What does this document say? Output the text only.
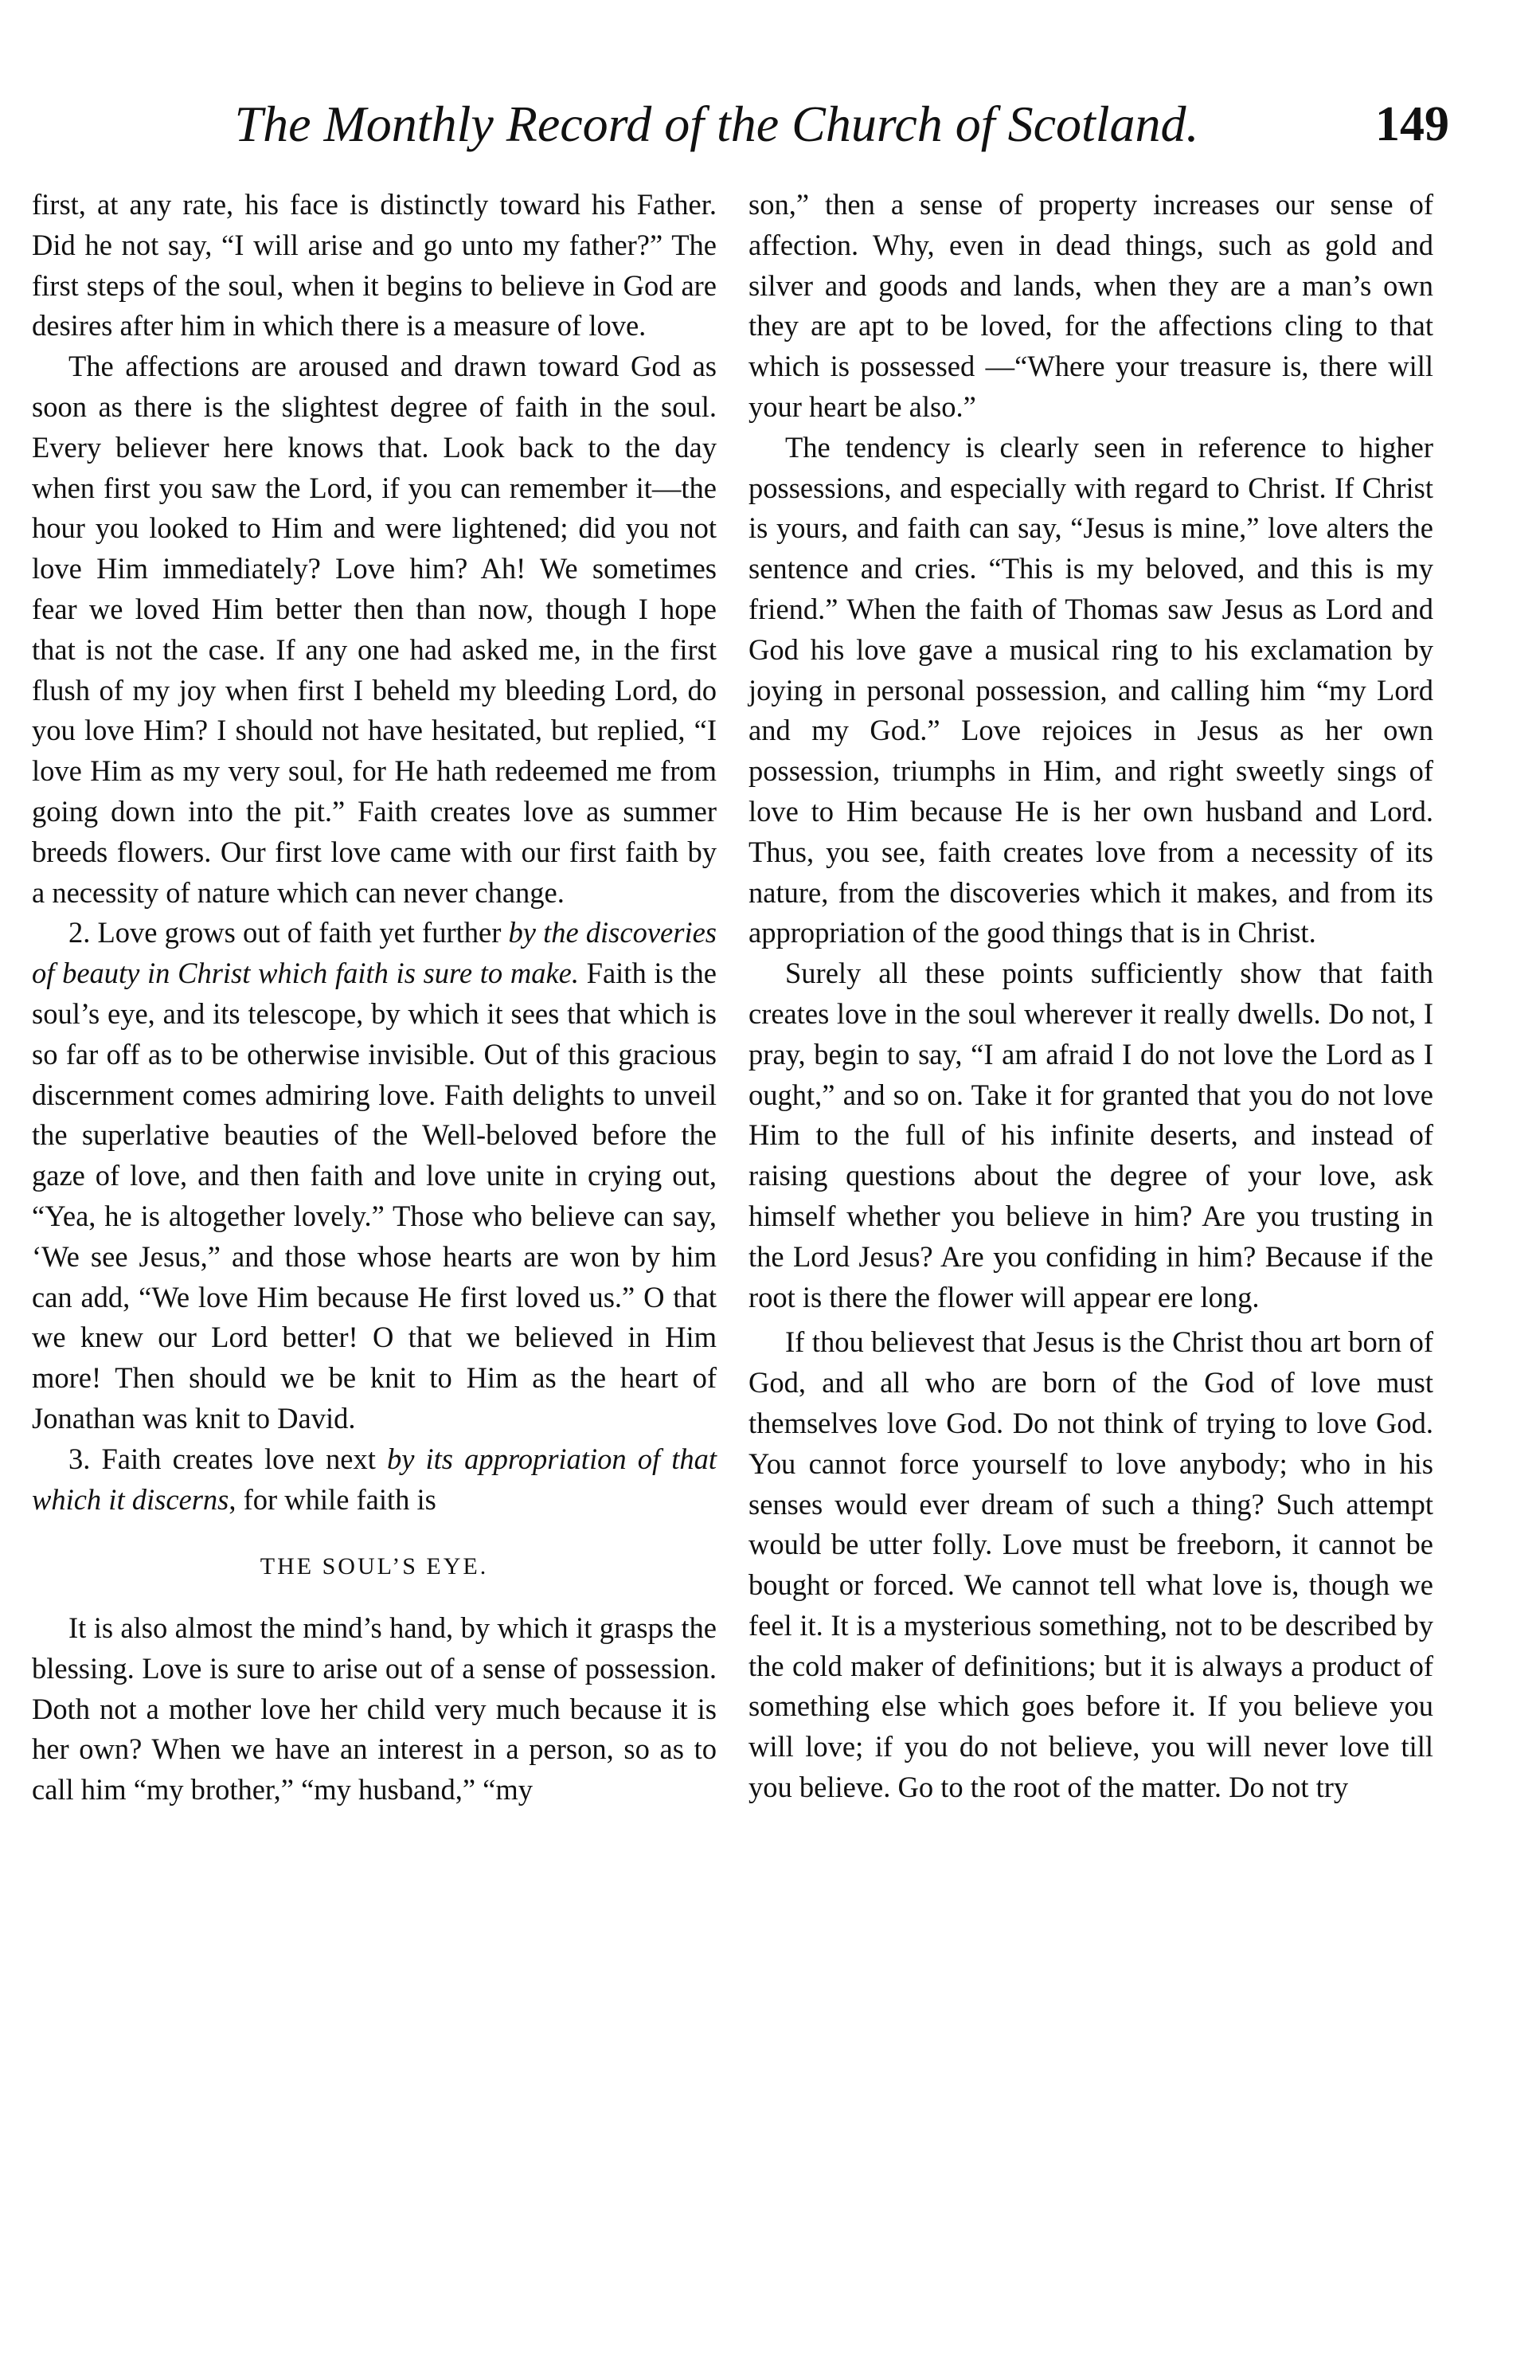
The Monthly Record of the Church of Scotland.	149

first, at any rate, his face is distinctly toward his Father. Did he not say, “I will arise and go unto my father?” The first steps of the soul, when it begins to believe in God are desires after him in which there is a measure of love.

The affections are aroused and drawn toward God as soon as there is the slightest degree of faith in the soul. Every believer here knows that. Look back to the day when first you saw the Lord, if you can remember it—the hour you looked to Him and were lightened; did you not love Him immediately? Love him? Ah! We sometimes fear we loved Him better then than now, though I hope that is not the case. If any one had asked me, in the first flush of my joy when first I beheld my bleeding Lord, do you love Him? I should not have hesitated, but replied, “I love Him as my very soul, for He hath redeemed me from going down into the pit.” Faith creates love as summer breeds flowers. Our first love came with our first faith by a necessity of nature which can never change.

2. Love grows out of faith yet further by the discoveries of beauty in Christ which faith is sure to make. Faith is the soul’s eye, and its telescope, by which it sees that which is so far off as to be otherwise invisible. Out of this gracious discernment comes admiring love. Faith delights to unveil the superlative beauties of the Well-beloved before the gaze of love, and then faith and love unite in crying out, “Yea, he is altogether lovely.” Those who believe can say, ‘We see Jesus,” and those whose hearts are won by him can add, “We love Him because He first loved us.” O that we knew our Lord better! O that we believed in Him more! Then should we be knit to Him as the heart of Jonathan was knit to David.

3. Faith creates love next by its appropriation of that which it discerns, for while faith is

THE SOUL’S EYE.

It is also almost the mind’s hand, by which it grasps the blessing. Love is sure to arise out of a sense of possession. Doth not a mother love her child very much because it is her own? When we have an interest in a person, so as to call him “my brother,” “my husband,” “my

son,” then a sense of property increases our sense of affection. Why, even in dead things, such as gold and silver and goods and lands, when they are a man’s own they are apt to be loved, for the affections cling to that which is possessed —“Where your treasure is, there will your heart be also.”

The tendency is clearly seen in reference to higher possessions, and especially with regard to Christ. If Christ is yours, and faith can say, “Jesus is mine,” love alters the sentence and cries. “This is my beloved, and this is my friend.” When the faith of Thomas saw Jesus as Lord and God his love gave a musical ring to his exclamation by joying in personal possession, and calling him “my Lord and my God.” Love rejoices in Jesus as her own possession, triumphs in Him, and right sweetly sings of love to Him because He is her own husband and Lord. Thus, you see, faith creates love from a necessity of its nature, from the discoveries which it makes, and from its appropriation of the good things that is in Christ.

Surely all these points sufficiently show that faith creates love in the soul wherever it really dwells. Do not, I pray, begin to say, “I am afraid I do not love the Lord as I ought,” and so on. Take it for granted that you do not love Him to the full of his infinite deserts, and instead of raising questions about the degree of your love, ask himself whether you believe in him? Are you trusting in the Lord Jesus? Are you confiding in him? Because if the root is there the flower will appear ere long.

If thou believest that Jesus is the Christ thou art born of God, and all who are born of the God of love must themselves love God. Do not think of trying to love God. You cannot force yourself to love anybody; who in his senses would ever dream of such a thing? Such attempt would be utter folly. Love must be freeborn, it cannot be bought or forced. We cannot tell what love is, though we feel it. It is a mysterious something, not to be described by the cold maker of definitions; but it is always a product of something else which goes before it. If you believe you will love; if you do not believe, you will never love till you believe. Go to the root of the matter. Do not try
